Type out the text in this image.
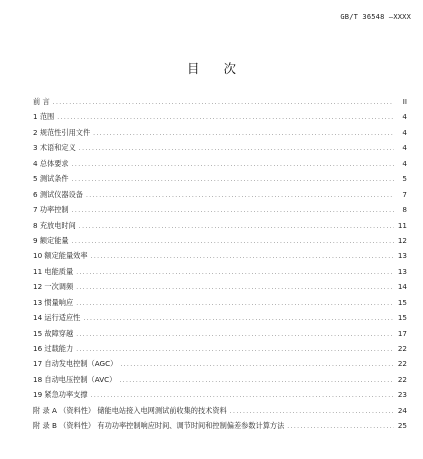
GB/T 36548 —XXXX
目 次
前 言 .....	II
1 范围 .....	4
2 规范性引用文件 .....	4
3 术语和定义 .....	4
4 总体要求 .....	4
5 测试条件 .....	5
6 测试仪器设备 .....	7
7 功率控制 .....	8
8 充放电时间 .....	11
9 额定能量 .....	12
10 额定能量效率 .....	13
11 电能质量 .....	13
12 一次调频 .....	14
13 惯量响应 .....	15
14 运行适应性 .....	15
15 故障穿越 .....	17
16 过载能力 .....	22
17 自动发电控制（AGC） .....	22
18 自动电压控制（AVC） .....	22
19 紧急功率支撑 .....	23
附 录 A （资料性） 储能电站接入电网测试前收集的技术资料 .....	24
附 录 B （资料性） 有功功率控制响应时间、调节时间和控制偏差参数计算方法 .....	25
